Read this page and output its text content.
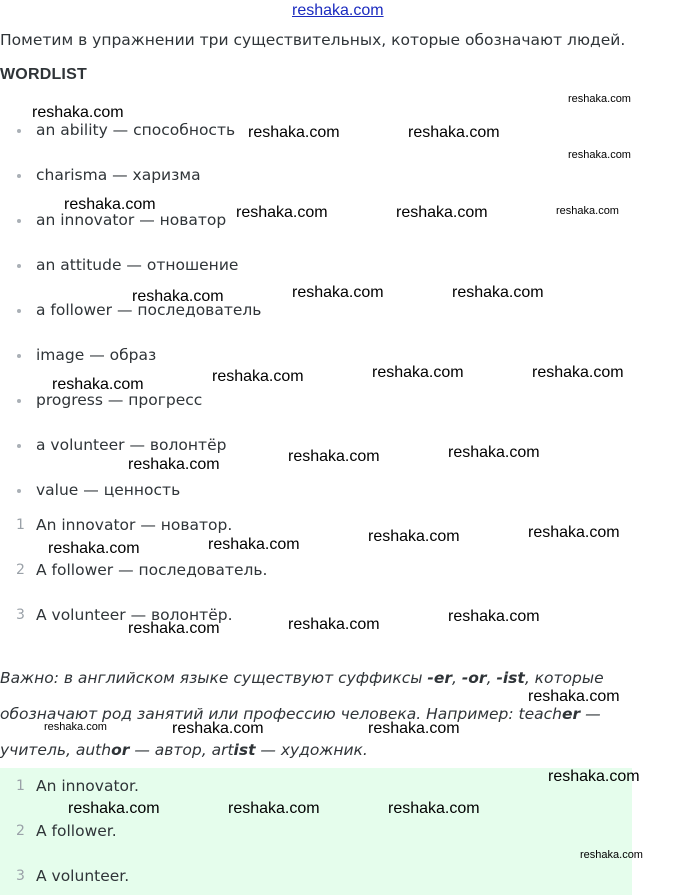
reshaka.com
Пометим в упражнении три существительных, которые обозначают людей.
WORDLIST
an ability — способность
charisma — харизма
an innovator — новатор
an attitude — отношение
a follower — последователь
image — образ
progress — прогресс
a volunteer — волонтёр
value — ценность
1 An innovator — новатор.
2 A follower — последователь.
3 A volunteer — волонтёр.
Важно: в английском языке существуют суффиксы -er, -or, -ist, которые
обозначают род занятий или профессию человека. Например: teacher —
учитель, author — автор, artist — художник.
1 An innovator.
2 A follower.
3 A volunteer.
reshaka.com
reshaka.com
reshaka.com	reshaka.com
reshaka.com
reshaka.com	reshaka.com	reshaka.com	reshaka.com
reshaka.com	reshaka.com
reshaka.com
reshaka.com	reshaka.com
reshaka.com
reshaka.com
reshaka.com
reshaka.com
reshaka.com
reshaka.com
reshaka.com
reshaka.com
reshaka.com
reshaka.com
reshaka.com
reshaka.com
reshaka.com
reshaka.com	reshaka.com	reshaka.com
reshaka.com
reshaka.com	reshaka.com	reshaka.com
reshaka.com
